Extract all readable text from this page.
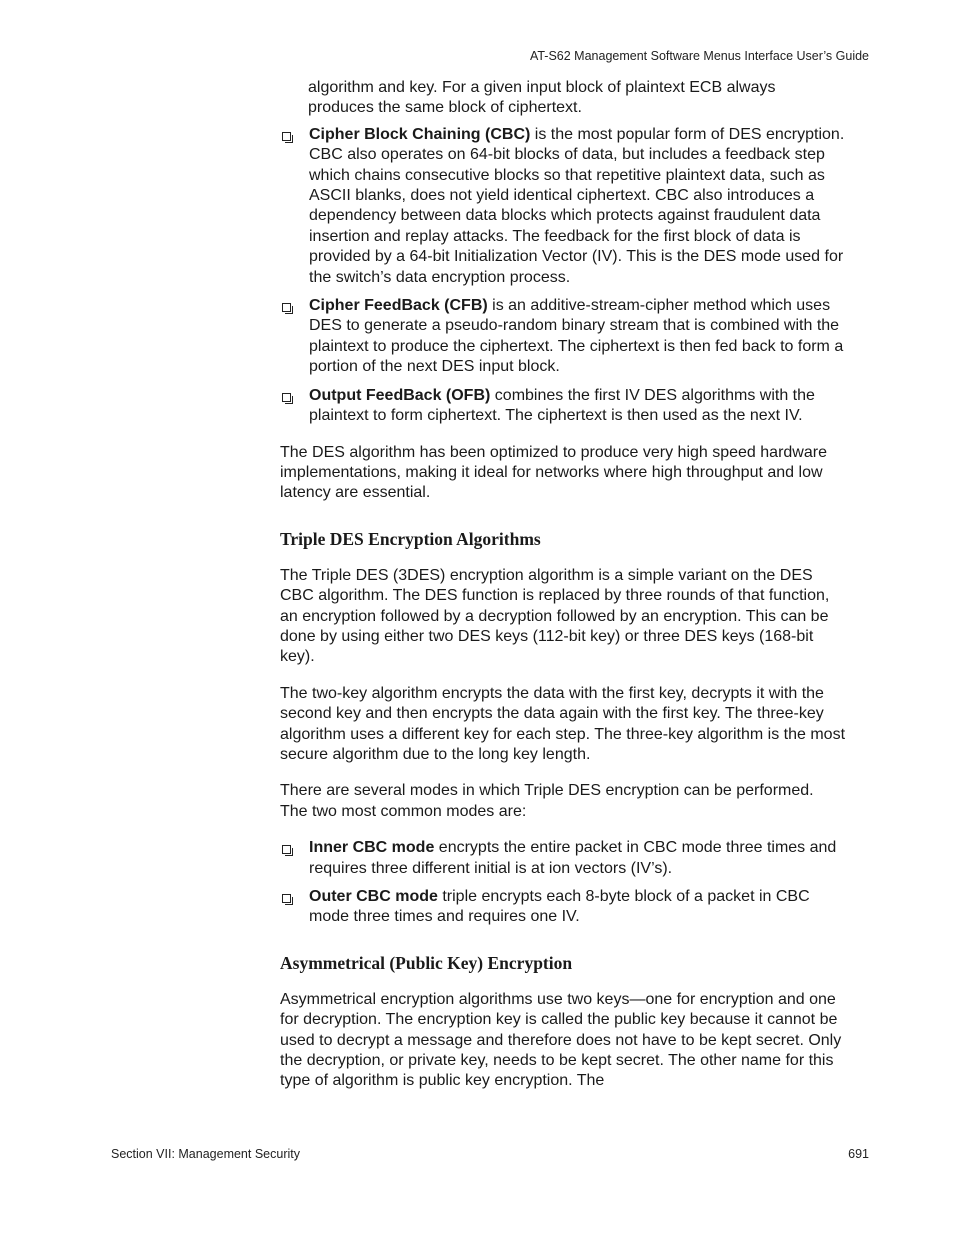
AT-S62 Management Software Menus Interface User’s Guide

algorithm and key. For a given input block of plaintext ECB always produces the same block of ciphertext.

Cipher Block Chaining (CBC) is the most popular form of DES encryption. CBC also operates on 64-bit blocks of data, but includes a feedback step which chains consecutive blocks so that repetitive plaintext data, such as ASCII blanks, does not yield identical ciphertext. CBC also introduces a dependency between data blocks which protects against fraudulent data insertion and replay attacks. The feedback for the first block of data is provided by a 64-bit Initialization Vector (IV). This is the DES mode used for the switch’s data encryption process.
Cipher FeedBack (CFB) is an additive-stream-cipher method which uses DES to generate a pseudo-random binary stream that is combined with the plaintext to produce the ciphertext. The ciphertext is then fed back to form a portion of the next DES input block.
Output FeedBack (OFB) combines the first IV DES algorithms with the plaintext to form ciphertext. The ciphertext is then used as the next IV.

The DES algorithm has been optimized to produce very high speed hardware implementations, making it ideal for networks where high throughput and low latency are essential.

Triple DES Encryption Algorithms

The Triple DES (3DES) encryption algorithm is a simple variant on the DES CBC algorithm. The DES function is replaced by three rounds of that function, an encryption followed by a decryption followed by an encryption. This can be done by using either two DES keys (112-bit key) or three DES keys (168-bit key).

The two-key algorithm encrypts the data with the first key, decrypts it with the second key and then encrypts the data again with the first key. The three-key algorithm uses a different key for each step. The three-key algorithm is the most secure algorithm due to the long key length.

There are several modes in which Triple DES encryption can be performed. The two most common modes are:

Inner CBC mode encrypts the entire packet in CBC mode three times and requires three different initial is at ion vectors (IV’s).
Outer CBC mode triple encrypts each 8-byte block of a packet in CBC mode three times and requires one IV.
Asymmetrical (Public Key) Encryption

Asymmetrical encryption algorithms use two keys—one for encryption and one for decryption. The encryption key is called the public key because it cannot be used to decrypt a message and therefore does not have to be kept secret. Only the decryption, or private key, needs to be kept secret. The other name for this type of algorithm is public key encryption. The

Section VII: Management Security	691
